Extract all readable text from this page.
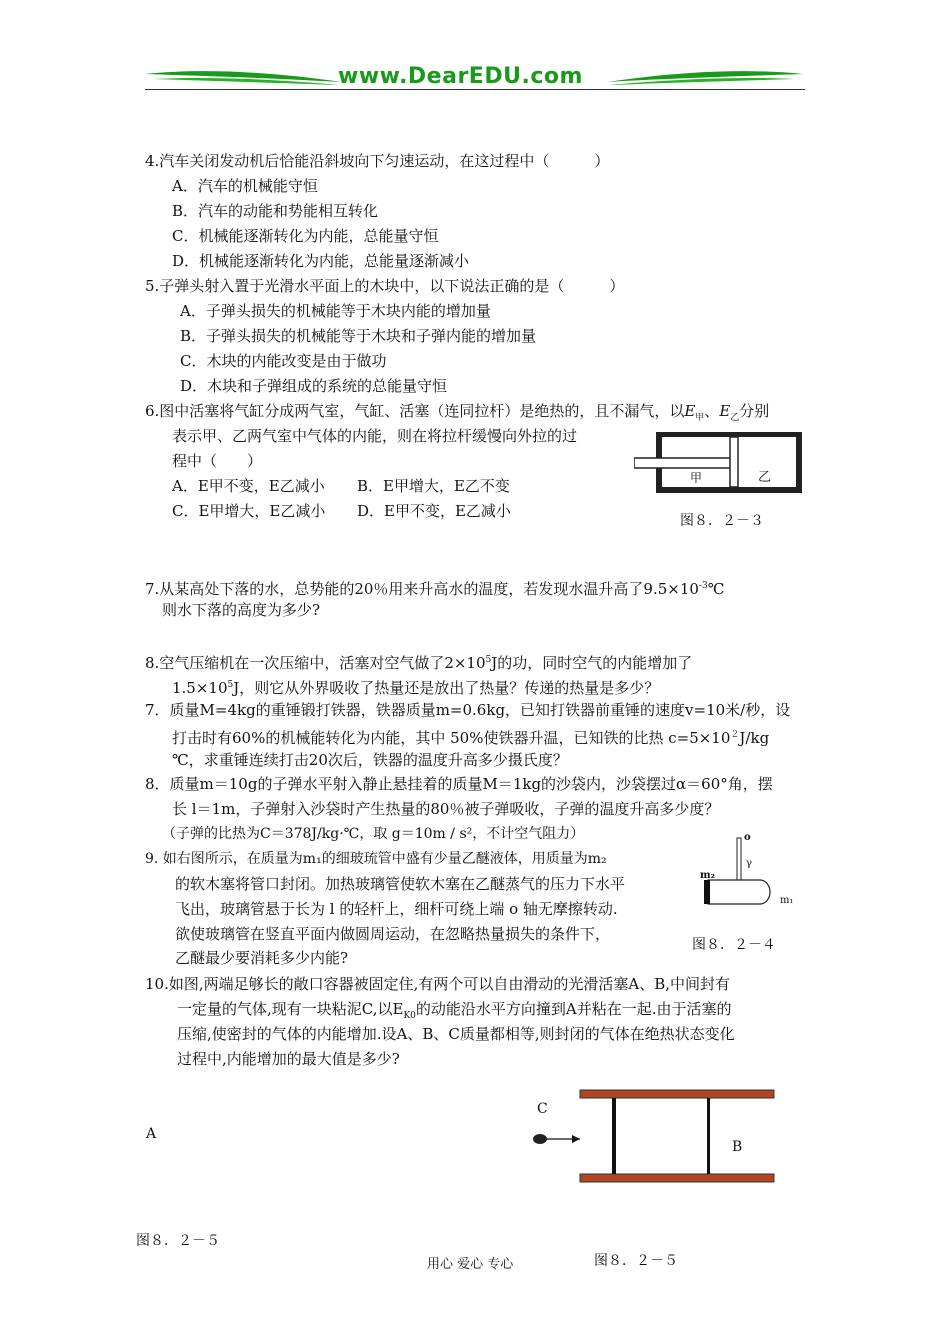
www.DearEDU.com
4.汽车关闭发动机后恰能沿斜坡向下匀速运动，在这过程中（　　　）
A．汽车的机械能守恒
B．汽车的动能和势能相互转化
C．机械能逐渐转化为内能，总能量守恒
D．机械能逐渐转化为内能，总能量逐渐减小
5.子弹头射入置于光滑水平面上的木块中，以下说法正确的是（　　　）
A．子弹头损失的机械能等于木块内能的增加量
B．子弹头损失的机械能等于木块和子弹内能的增加量
C．木块的内能改变是由于做功
D．木块和子弹组成的系统的总能量守恒
6.图中活塞将气缸分成两气室，气缸、活塞（连同拉杆）是绝热的，且不漏气，以$E_甲$、$E_乙$分别
表示甲、乙两气室中气体的内能，则在将拉杆缓慢向外拉的过
程中（　　）
A．E甲不变，E乙减小 B．E甲增大，E乙不变
C．E甲增大，E乙减小 D．E甲不变，E乙减小
甲	乙
图８．２－３
7.从某高处下落的水，总势能的20％用来升高水的温度，若发现水温升高了$9.5\times 10^{-3}℃$
则水下落的高度为多少?
8.空气压缩机在一次压缩中，活塞对空气做了$2\times 10^5J$的功，同时空气的内能增加了
$1.5\times 10^5J$，则它从外界吸收了热量还是放出了热量？传递的热量是多少？
7．质量M=4kg的重锤锻打铁器，铁器质量m=0.6kg，已知打铁器前重锤的速度v=10米/秒，设
打击时有60%的机械能转化为内能，其中 50%使铁器升温，已知铁的比热 $c=5\times 10^2J/kg$
℃，求重锤连续打击20次后，铁器的温度升高多少摄氏度？
8．质量m＝10g的子弹水平射入静止悬挂着的质量M＝1kg的沙袋内，沙袋摆过α＝60°角，摆
长 l＝1m，子弹射入沙袋时产生热量的80％被子弹吸收，子弹的温度升高多少度？
（子弹的比热为C＝378J/kg·℃，取 g＝10m / s²，不计空气阻力）
9. 如右图所示，在质量为m₁的细玻琉管中盛有少量乙醚液体，用质量为m₂
的软木塞将管口封闭。加热玻璃管使软木塞在乙醚蒸气的压力下水平
飞出，玻璃管悬于长为 l 的轻杆上，细杆可绕上端 o 轴无摩擦转动.
欲使玻璃管在竖直平面内做圆周运动，在忽略热量损失的条件下，
乙醚最少要消耗多少内能?
o
γ
m₂
m₁
图８．２－４
10.如图,两端足够长的敞口容器被固定住,有两个可以自由滑动的光滑活塞A、B,中间封有
一定量的气体,现有一块粘泥C,以$E_{K0}$的动能沿水平方向撞到A并粘在一起.由于活塞的
压缩,使密封的气体的内能增加.设A、B、C质量都相等,则封闭的气体在绝热状态变化
过程中,内能增加的最大值是多少?
C
A
B
图８．２－５
图８．２－５
用心 爱心 专心
